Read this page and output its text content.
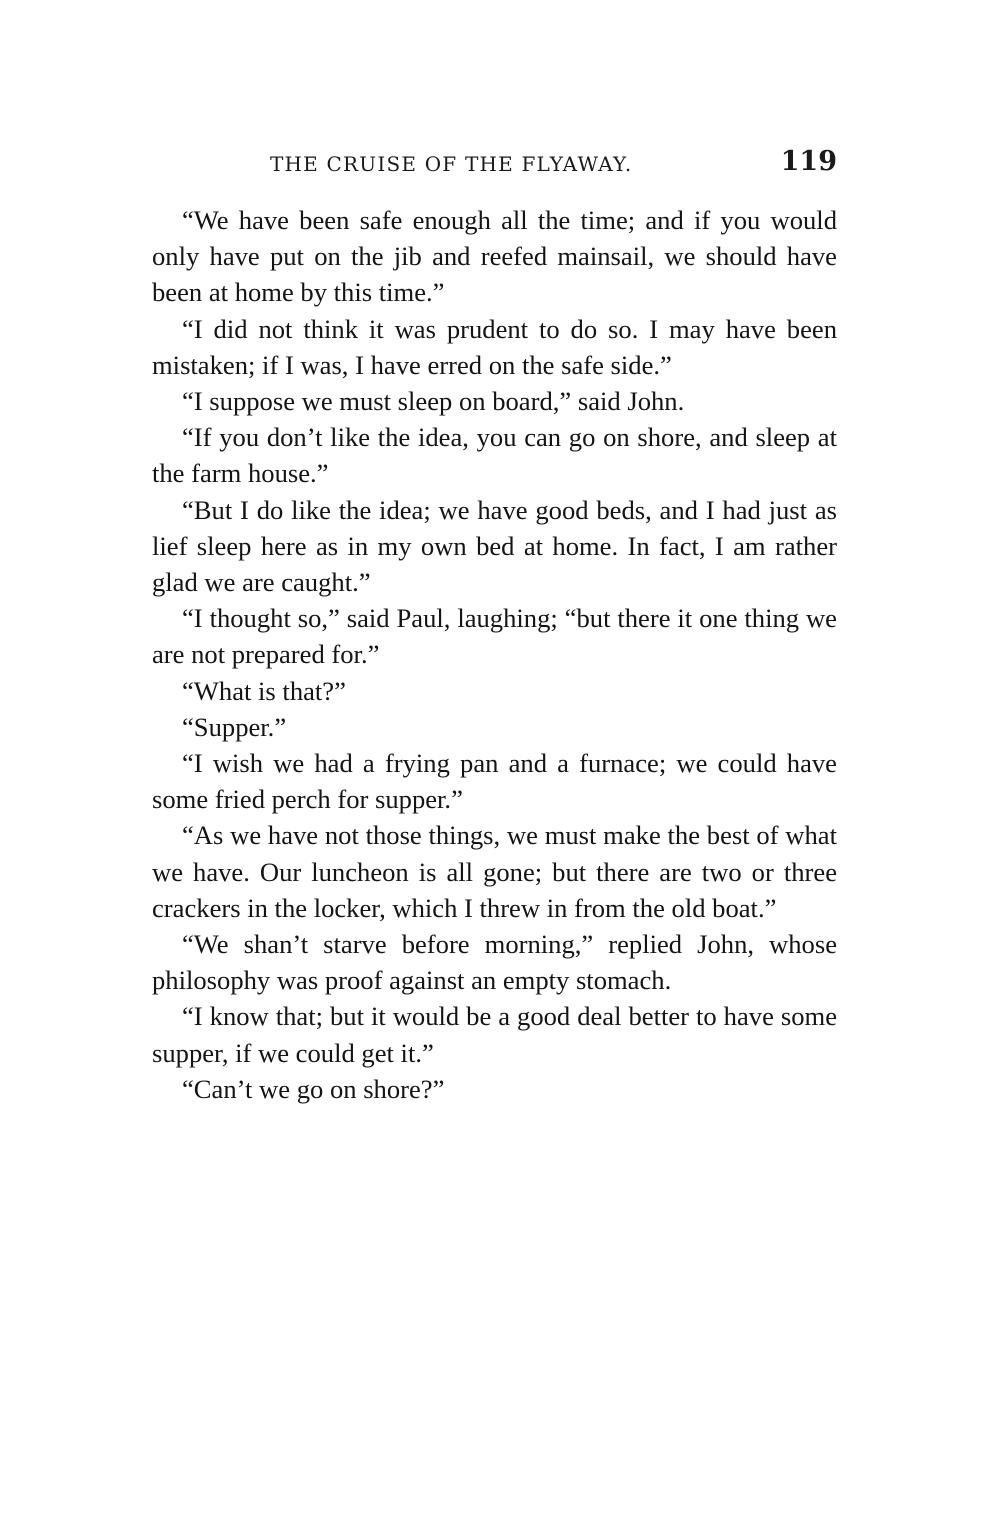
THE CRUISE OF THE FLYAWAY.	119

“We have been safe enough all the time; and if you would only have put on the jib and reefed mainsail, we should have been at home by this time.”

“I did not think it was prudent to do so. I may have been mistaken; if I was, I have erred on the safe side.”

“I suppose we must sleep on board,” said John.

“If you don’t like the idea, you can go on shore, and sleep at the farm house.”

“But I do like the idea; we have good beds, and I had just as lief sleep here as in my own bed at home. In fact, I am rather glad we are caught.”

“I thought so,” said Paul, laughing; “but there it one thing we are not prepared for.”

“What is that?”

“Supper.”

“I wish we had a frying pan and a furnace; we could have some fried perch for supper.”

“As we have not those things, we must make the best of what we have. Our luncheon is all gone; but there are two or three crackers in the locker, which I threw in from the old boat.”

“We shan’t starve before morning,” replied John, whose philosophy was proof against an empty stomach.

“I know that; but it would be a good deal better to have some supper, if we could get it.”

“Can’t we go on shore?”
